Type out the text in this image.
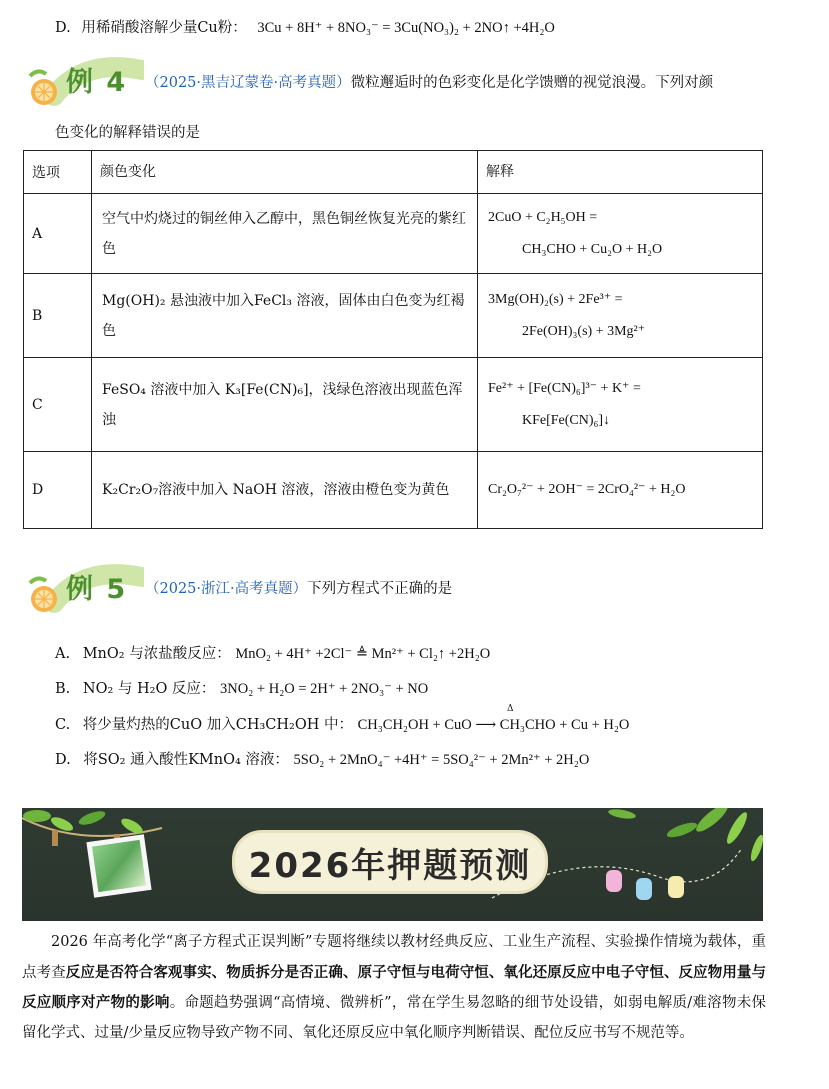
D. 用稀硝酸溶解少量Cu粉： 3Cu + 8H⁺ + 8NO₃⁻ = 3Cu(NO₃)₂ + 2NO↑ +4H₂O
例 4 （2025·黑吉辽蒙卷·高考真题）微粒邂逅时的色彩变化是化学馈赠的视觉浪漫。下列对颜
色变化的解释错误的是
选项	颜色变化	解释
A	空气中灼烧过的铜丝伸入乙醇中，黑色铜丝恢复光亮的紫红色	2CuO + C₂H₅OH =
CH₃CHO + Cu₂O + H₂O

B	Mg(OH)₂ 悬浊液中加入FeCl₃ 溶液，固体由白色变为红褐色	3Mg(OH)₂(s) + 2Fe³⁺ =
2Fe(OH)₃(s) + 3Mg²⁺

C	FeSO₄ 溶液中加入 K₃[Fe(CN)₆]，浅绿色溶液出现蓝色浑浊	Fe²⁺ + [Fe(CN)₆]³⁻ + K⁺ =
KFe[Fe(CN)₆]↓

D	K₂Cr₂O₇溶液中加入 NaOH 溶液，溶液由橙色变为黄色	Cr₂O₇²⁻ + 2OH⁻ = 2CrO₄²⁻ + H₂O
例 5 （2025·浙江·高考真题）下列方程式不正确的是
A. MnO₂ 与浓盐酸反应： MnO₂ + 4H⁺ +2Cl⁻ ≜ Mn²⁺ + Cl₂↑ +2H₂O
B. NO₂ 与 H₂O 反应： 3NO₂ + H₂O = 2H⁺ + 2NO₃⁻ + NO
C. 将少量灼热的CuO 加入CH₃CH₂OH 中： CH₃CH₂OH + CuO ⟶ CH₃CHO + Cu + H₂O
Δ
D. 将SO₂ 通入酸性KMnO₄ 溶液： 5SO₂ + 2MnO₄⁻ +4H⁺ = 5SO₄²⁻ + 2Mn²⁺ + 2H₂O
2026年押题预测
2026 年高考化学“离子方程式正误判断”专题将继续以教材经典反应、工业生产流程、实验操作情境为载体，重点考查反应是否符合客观事实、物质拆分是否正确、原子守恒与电荷守恒、氧化还原反应中电子守恒、反应物用量与反应顺序对产物的影响。命题趋势强调“高情境、微辨析”，常在学生易忽略的细节处设错，如弱电解质/难溶物未保留化学式、过量/少量反应物导致产物不同、氧化还原反应中氧化顺序判断错误、配位反应书写不规范等。
